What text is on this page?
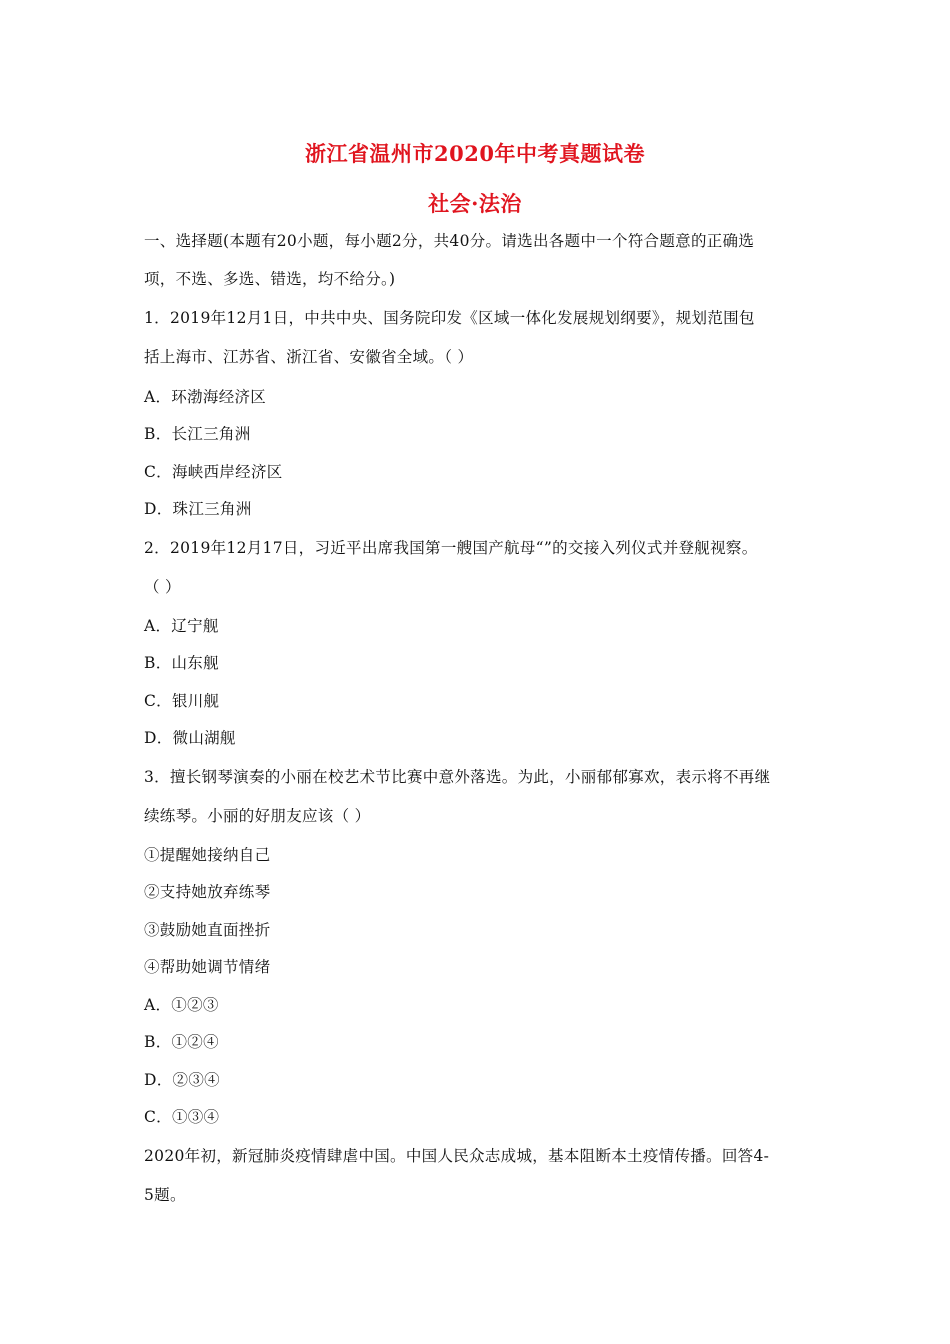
浙江省温州市2020年中考真题试卷
社会·法治
一、选择题(本题有20小题，每小题2分，共40分。请选出各题中一个符合题意的正确选
项，不选、多选、错选，均不给分。)
1．2019年12月1日，中共中央、国务院印发《区域一体化发展规划纲要》，规划范围包
括上海市、江苏省、浙江省、安徽省全域。（ ）
A．环渤海经济区
B．长江三角洲
C．海峡西岸经济区
D．珠江三角洲
2．2019年12月17日，习近平出席我国第一艘国产航母“”的交接入列仪式并登舰视察。
（ ）
A．辽宁舰
B．山东舰
C．银川舰
D．微山湖舰
3．擅长钢琴演奏的小丽在校艺术节比赛中意外落选。为此，小丽郁郁寡欢，表示将不再继
续练琴。小丽的好朋友应该（ ）
①提醒她接纳自己
②支持她放弃练琴
③鼓励她直面挫折
④帮助她调节情绪
A．①②③
B．①②④
D．②③④
C．①③④
2020年初，新冠肺炎疫情肆虐中国。中国人民众志成城，基本阻断本土疫情传播。回答4-
5题。
